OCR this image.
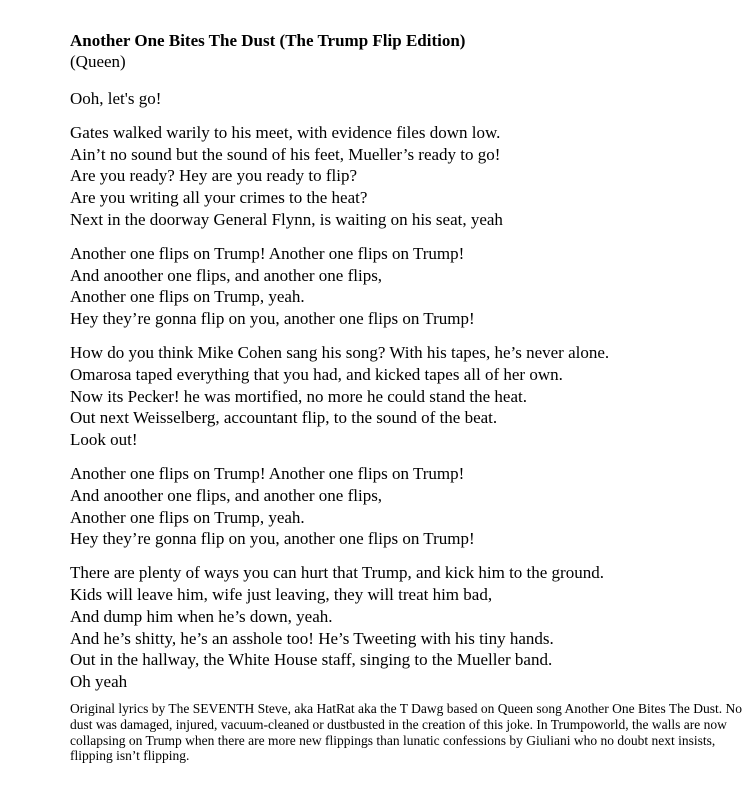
Another One Bites The Dust (The Trump Flip Edition)
(Queen)
Ooh, let's go!
Gates walked warily to his meet, with evidence files down low.
Ain’t no sound but the sound of his feet, Mueller’s ready to go!
Are you ready? Hey are you ready to flip?
Are you writing all your crimes to the heat?
Next in the doorway General Flynn, is waiting on his seat, yeah
Another one flips on Trump! Another one flips on Trump!
And anoother one flips, and another one flips,
Another one flips on Trump, yeah.
Hey they’re gonna flip on you, another one flips on Trump!
How do you think Mike Cohen sang his song? With his tapes, he’s never alone.
Omarosa taped everything that you had, and kicked tapes all of her own.
Now its Pecker! he was mortified, no more he could stand the heat.
Out next Weisselberg, accountant flip, to the sound of the beat.
Look out!
Another one flips on Trump! Another one flips on Trump!
And anoother one flips, and another one flips,
Another one flips on Trump, yeah.
Hey they’re gonna flip on you, another one flips on Trump!
There are plenty of ways you can hurt that Trump, and kick him to the ground.
Kids will leave him, wife just leaving, they will treat him bad,
And dump him when he’s down, yeah.
And he’s shitty, he’s an asshole too! He’s Tweeting with his tiny hands.
Out in the hallway, the White House staff, singing to the Mueller band.
Oh yeah
Original lyrics by The SEVENTH Steve, aka HatRat aka the T Dawg based on Queen song Another One Bites The Dust. No dust was damaged, injured, vacuum-cleaned or dustbusted in the creation of this joke. In Trumpoworld, the walls are now collapsing on Trump when there are more new flippings than lunatic confessions by Giuliani who no doubt next insists, flipping isn’t flipping.
